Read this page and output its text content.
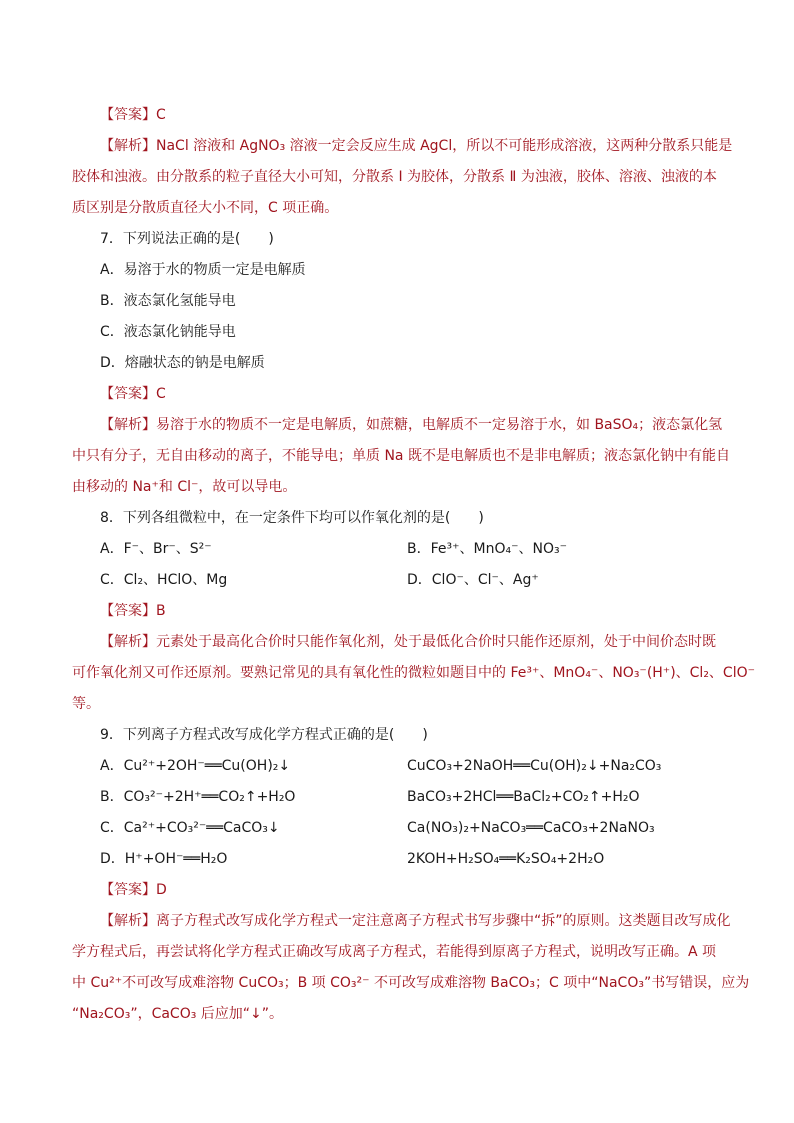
【答案】C
【解析】NaCl 溶液和 AgNO₃ 溶液一定会反应生成 AgCl，所以不可能形成溶液，这两种分散系只能是
胶体和浊液。由分散系的粒子直径大小可知，分散系 Ⅰ 为胶体，分散系 Ⅱ 为浊液，胶体、溶液、浊液的本
质区别是分散质直径大小不同，C 项正确。
7．下列说法正确的是(　　)
A．易溶于水的物质一定是电解质
B．液态氯化氢能导电
C．液态氯化钠能导电
D．熔融状态的钠是电解质
【答案】C
【解析】易溶于水的物质不一定是电解质，如蔗糖，电解质不一定易溶于水，如 BaSO₄；液态氯化氢
中只有分子，无自由移动的离子，不能导电；单质 Na 既不是电解质也不是非电解质；液态氯化钠中有能自
由移动的 Na⁺和 Cl⁻，故可以导电。
8．下列各组微粒中，在一定条件下均可以作氧化剂的是(　　)
A．F⁻、Br⁻、S²⁻	B．Fe³⁺、MnO₄⁻、NO₃⁻
C．Cl₂、HClO、Mg	D．ClO⁻、Cl⁻、Ag⁺
【答案】B
【解析】元素处于最高化合价时只能作氧化剂，处于最低化合价时只能作还原剂，处于中间价态时既
可作氧化剂又可作还原剂。要熟记常见的具有氧化性的微粒如题目中的 Fe³⁺、MnO₄⁻、NO₃⁻(H⁺)、Cl₂、ClO⁻
等。
9．下列离子方程式改写成化学方程式正确的是(　　)
A．Cu²⁺+2OH⁻══Cu(OH)₂↓	CuCO₃+2NaOH══Cu(OH)₂↓+Na₂CO₃
B．CO₃²⁻+2H⁺══CO₂↑+H₂O	BaCO₃+2HCl══BaCl₂+CO₂↑+H₂O
C．Ca²⁺+CO₃²⁻══CaCO₃↓	Ca(NO₃)₂+NaCO₃══CaCO₃+2NaNO₃
D．H⁺+OH⁻══H₂O	2KOH+H₂SO₄══K₂SO₄+2H₂O
【答案】D
【解析】离子方程式改写成化学方程式一定注意离子方程式书写步骤中“拆”的原则。这类题目改写成化
学方程式后，再尝试将化学方程式正确改写成离子方程式，若能得到原离子方程式，说明改写正确。A 项
中 Cu²⁺不可改写成难溶物 CuCO₃；B 项 CO₃²⁻ 不可改写成难溶物 BaCO₃；C 项中“NaCO₃”书写错误，应为
“Na₂CO₃”，CaCO₃ 后应加“↓”。
